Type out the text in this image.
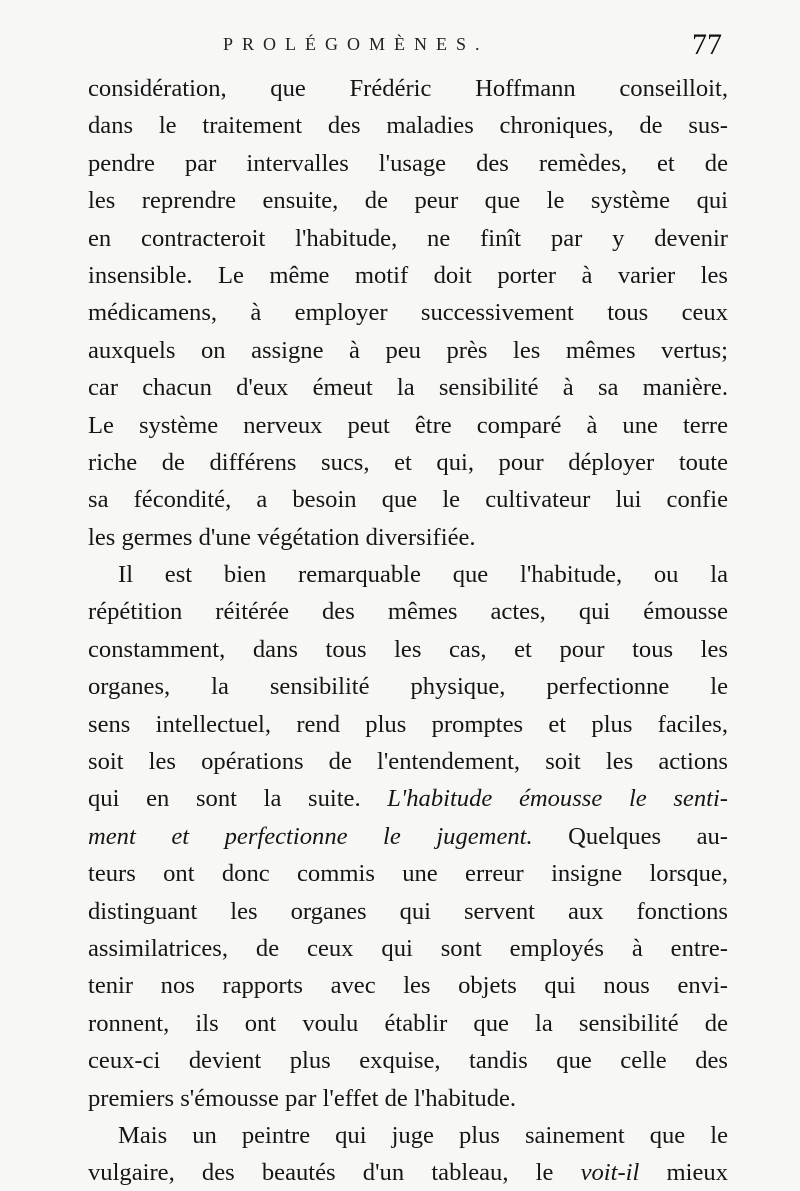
PROLÉGOMÈNES.	77
considération, que Frédéric Hoffmann conseilloit,
dans le traitement des maladies chroniques, de sus-
pendre par intervalles l'usage des remèdes, et de
les reprendre ensuite, de peur que le système qui
en contracteroit l'habitude, ne finît par y devenir
insensible. Le même motif doit porter à varier les
médicamens, à employer successivement tous ceux
auxquels on assigne à peu près les mêmes vertus;
car chacun d'eux émeut la sensibilité à sa manière.
Le système nerveux peut être comparé à une terre
riche de différens sucs, et qui, pour déployer toute
sa fécondité, a besoin que le cultivateur lui confie
les germes d'une végétation diversifiée.
Il est bien remarquable que l'habitude, ou la
répétition réitérée des mêmes actes, qui émousse
constamment, dans tous les cas, et pour tous les
organes, la sensibilité physique, perfectionne le
sens intellectuel, rend plus promptes et plus faciles,
soit les opérations de l'entendement, soit les actions
qui en sont la suite. L'habitude émousse le senti-
ment et perfectionne le jugement. Quelques au-
teurs ont donc commis une erreur insigne lorsque,
distinguant les organes qui servent aux fonctions
assimilatrices, de ceux qui sont employés à entre-
tenir nos rapports avec les objets qui nous envi-
ronnent, ils ont voulu établir que la sensibilité de
ceux-ci devient plus exquise, tandis que celle des
premiers s'émousse par l'effet de l'habitude.
Mais un peintre qui juge plus sainement que le
vulgaire, des beautés d'un tableau, le voit-il mieux
